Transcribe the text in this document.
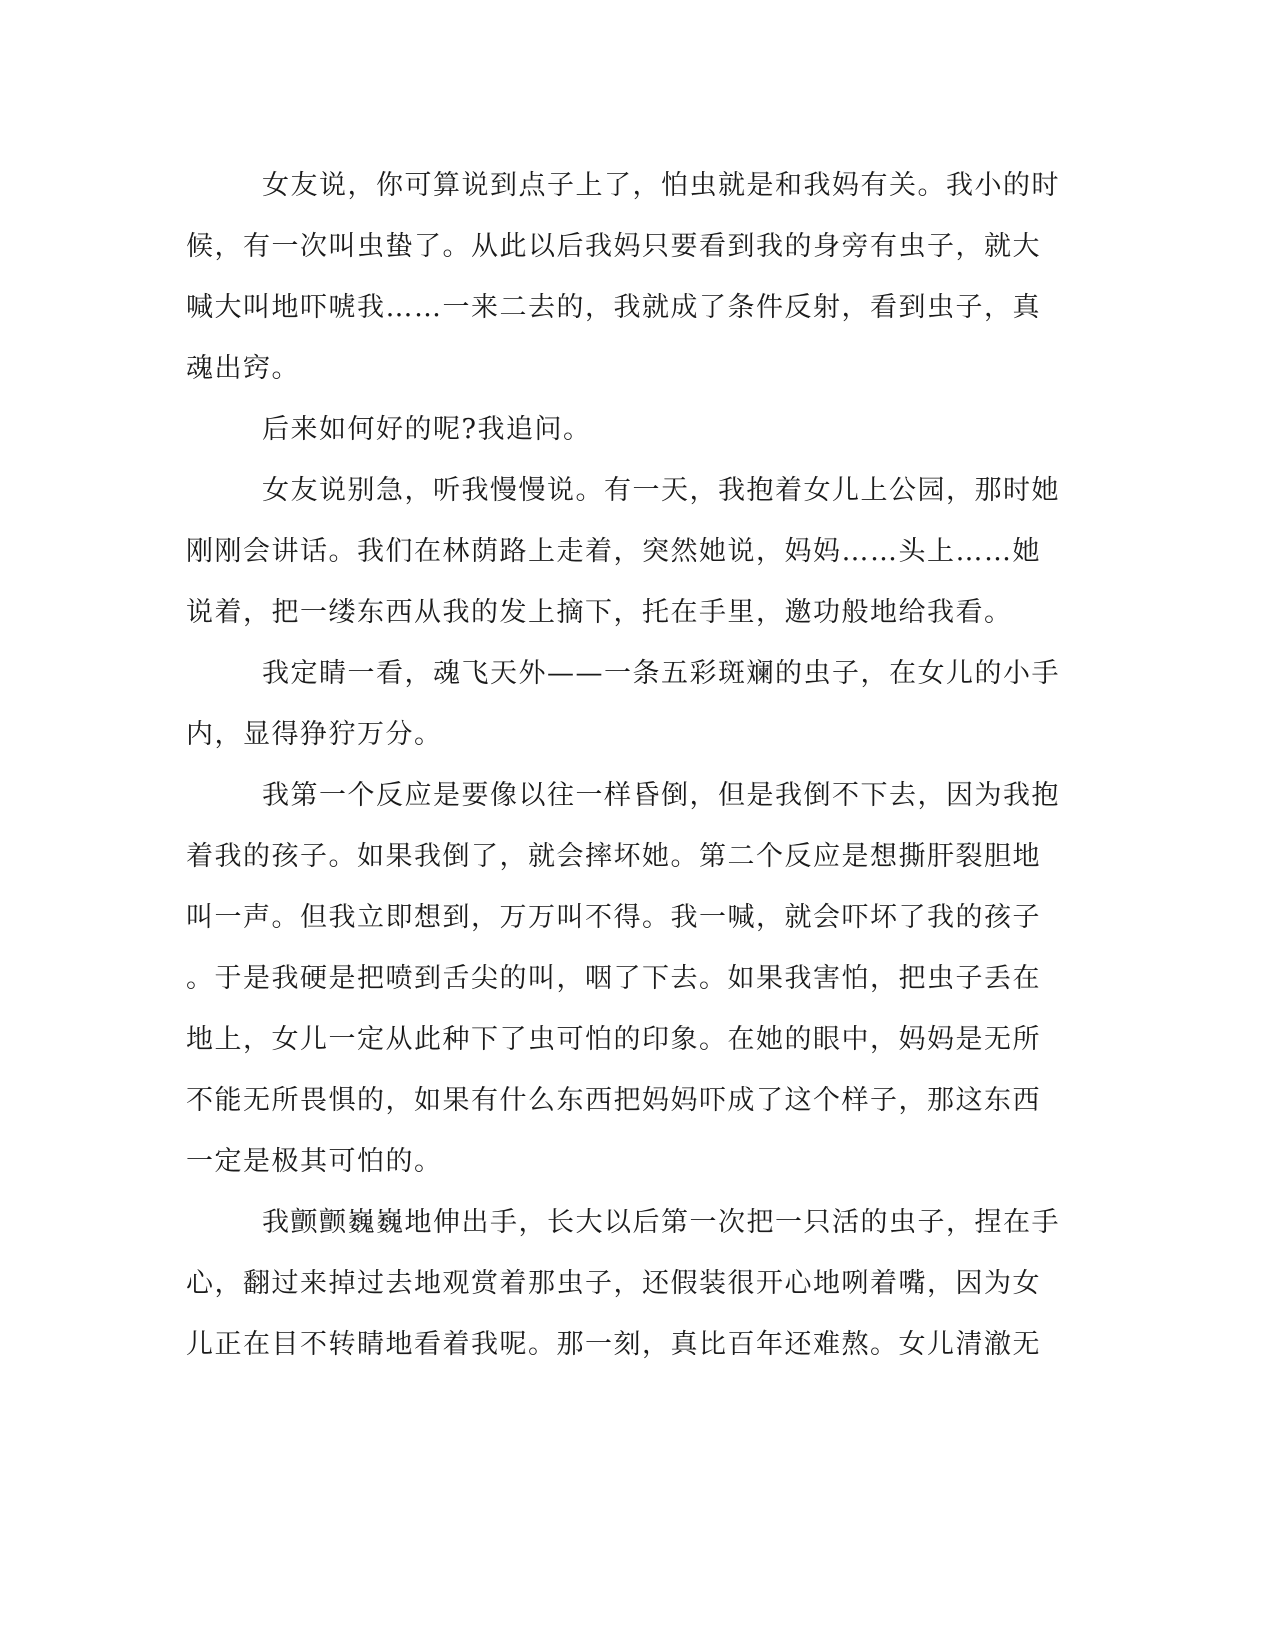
女友说，你可算说到点子上了，怕虫就是和我妈有关。我小的时
候，有一次叫虫蛰了。从此以后我妈只要看到我的身旁有虫子，就大
喊大叫地吓唬我……一来二去的，我就成了条件反射，看到虫子，真
魂出窍。
后来如何好的呢?我追问。
女友说别急，听我慢慢说。有一天，我抱着女儿上公园，那时她
刚刚会讲话。我们在林荫路上走着，突然她说，妈妈……头上……她
说着，把一缕东西从我的发上摘下，托在手里，邀功般地给我看。
我定睛一看，魂飞天外——一条五彩斑斓的虫子，在女儿的小手
内，显得狰狞万分。
我第一个反应是要像以往一样昏倒，但是我倒不下去，因为我抱
着我的孩子。如果我倒了，就会摔坏她。第二个反应是想撕肝裂胆地
叫一声。但我立即想到，万万叫不得。我一喊，就会吓坏了我的孩子
。于是我硬是把喷到舌尖的叫，咽了下去。如果我害怕，把虫子丢在
地上，女儿一定从此种下了虫可怕的印象。在她的眼中，妈妈是无所
不能无所畏惧的，如果有什么东西把妈妈吓成了这个样子，那这东西
一定是极其可怕的。
我颤颤巍巍地伸出手，长大以后第一次把一只活的虫子，捏在手
心，翻过来掉过去地观赏着那虫子，还假装很开心地咧着嘴，因为女
儿正在目不转睛地看着我呢。那一刻，真比百年还难熬。女儿清澈无
